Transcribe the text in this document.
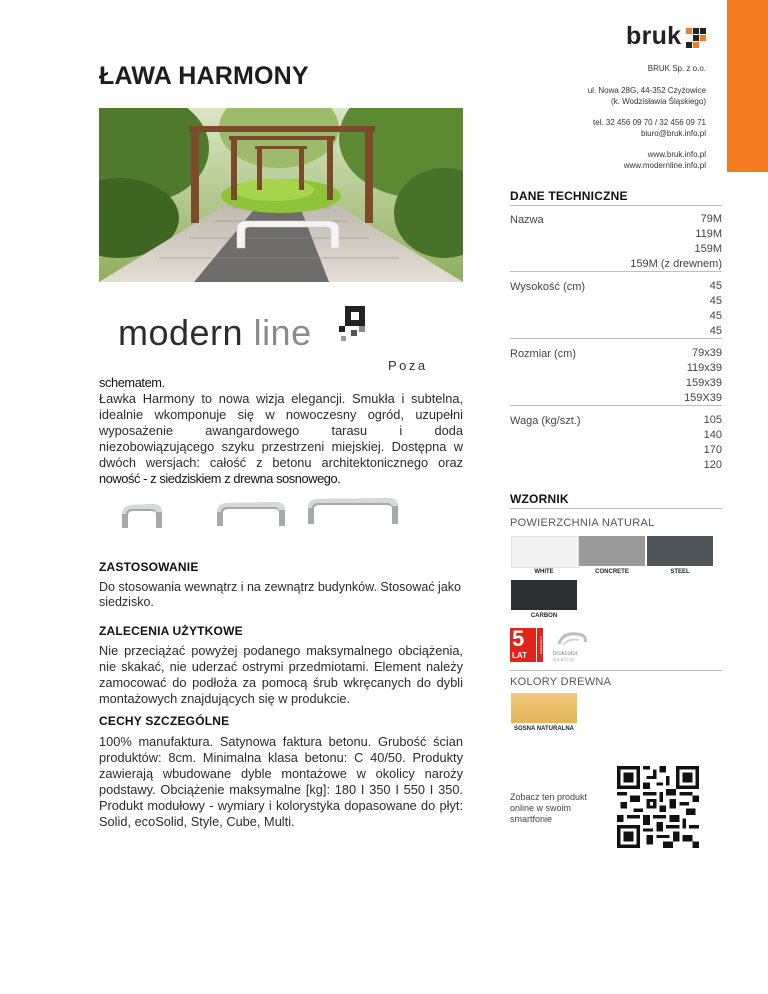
bruk
ŁAWA HARMONY	BRUK Sp. z o.o.
ul. Nowa 28G, 44-352 Czyżowice
(k. Wodzisławia Śląskiego)
tel. 32 456 09 70 / 32 456 09 71
biuro@bruk.info.pl
www.bruk.info.pl
www.modernline.info.pl
modern line
Poza
schematem.
Ławka Harmony to nowa wizja elegancji. Smukła i subtelna, idealnie wkomponuje się w nowoczesny ogród, uzupełni wyposażenie awangardowego tarasu i doda niezobowiązującego szyku przestrzeni miejskiej. Dostępna w dwóch wersjach: całość z betonu architektonicznego oraz nowość - z siedziskiem z drewna sosnowego.
ZASTOSOWANIE
Do stosowania wewnątrz i na zewnątrz budynków. Stosować jako siedzisko.
ZALECENIA UŻYTKOWE
Nie przeciążać powyżej podanego maksymalnego obciążenia, nie skakać, nie uderzać ostrymi przedmiotami. Element należy zamocować do podłoża za pomocą śrub wkręcanych do dybli montażowych znajdujących się w produkcie.
CECHY SZCZEGÓLNE
100% manufaktura. Satynowa faktura betonu. Grubość ścian produktów: 8cm. Minimalna klasa betonu: C 40/50. Produkty zawierają wbudowane dyble montażowe w okolicy naroży podstawy. Obciążenie maksymalne [kg]: 180 I 350 I 550 I 350. Produkt modułowy - wymiary i kolorystyka dopasowane do płyt: Solid, ecoSolid, Style, Cube, Multi.
DANE TECHNICZNE
Nazwa	79M
119M
159M
159M (z drewnem)
Wysokość (cm)	45
45
45
45
Rozmiar (cm)	79x39
119x39
159x39
159X39
Waga (kg/szt.)	105
140
170
120
WZORNIK
POWIERZCHNIA NATURAL
WHITE	CONCRETE	STEEL
CARBON
5
LAT
GWARANCJI brukcolor
quality
KOLORY DREWNA
SOSNA NATURALNA
Zobacz ten produkt online w swoim smartfonie
